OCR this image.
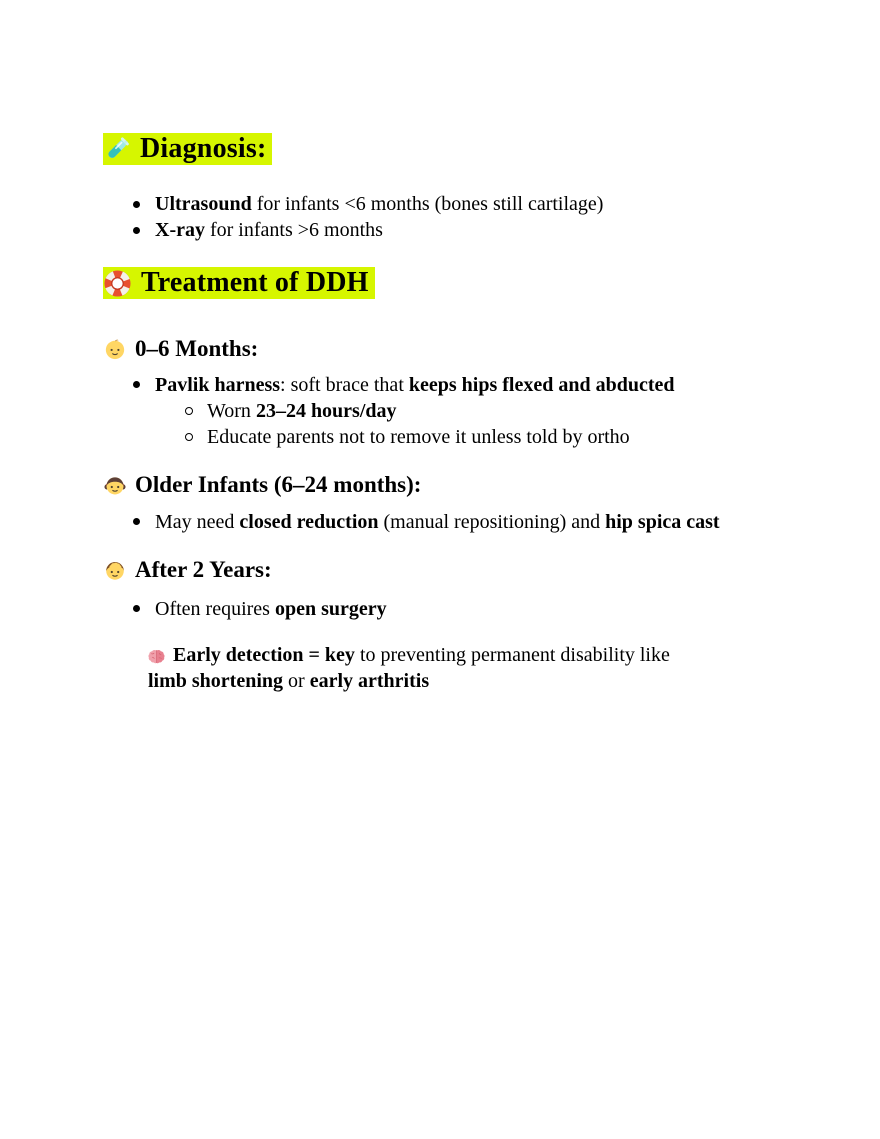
Diagnosis:
Ultrasound for infants <6 months (bones still cartilage)
X-ray for infants >6 months
Treatment of DDH
0–6 Months:
Pavlik harness: soft brace that keeps hips flexed and abducted
Worn 23–24 hours/day
Educate parents not to remove it unless told by ortho
Older Infants (6–24 months):
May need closed reduction (manual repositioning) and hip spica cast
After 2 Years:
Often requires open surgery

Early detection = key to preventing permanent disability like
limb shortening or early arthritis
